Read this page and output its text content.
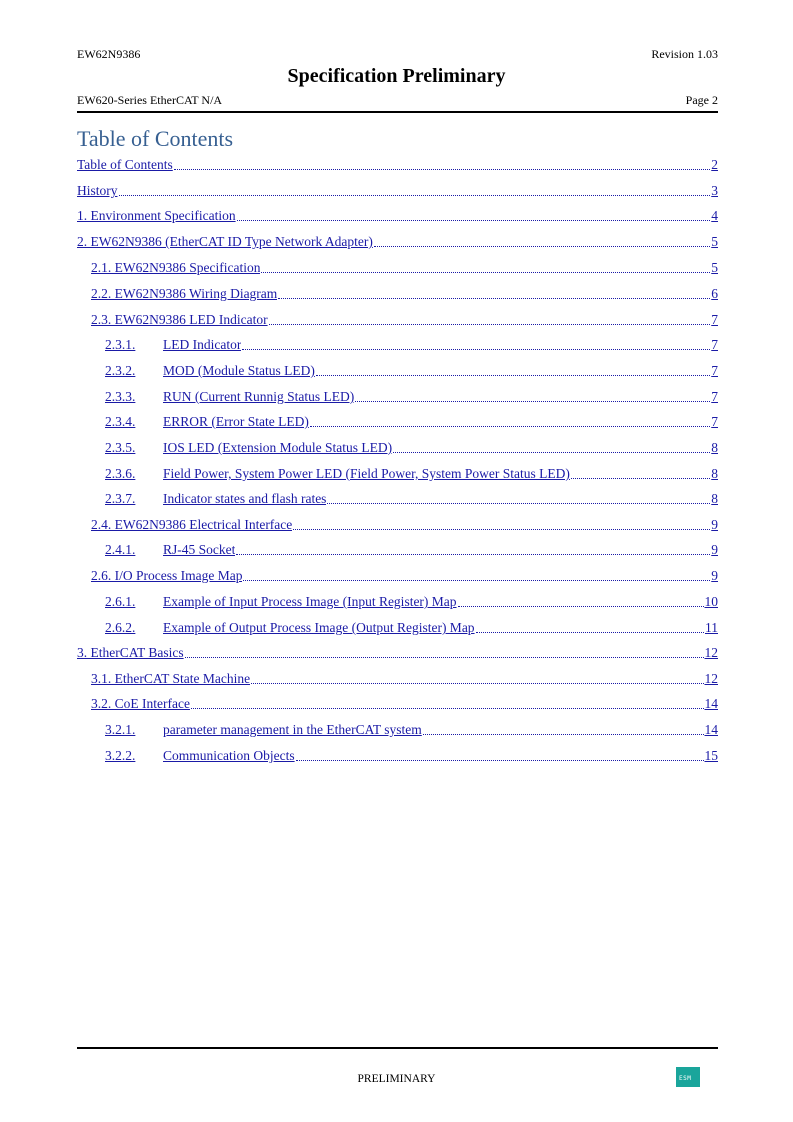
EW62N9386	Revision 1.03
Specification Preliminary
EW620-Series EtherCAT N/A	Page 2
Table of Contents
Table of Contents	2
History	3
1. Environment Specification	4
2. EW62N9386 (EtherCAT ID Type Network Adapter)	5
2.1. EW62N9386 Specification	5
2.2. EW62N9386 Wiring Diagram	6
2.3. EW62N9386 LED Indicator	7
2.3.1.	LED Indicator	7
2.3.2.	MOD (Module Status LED)	7
2.3.3.	RUN (Current Runnig Status LED)	7
2.3.4.	ERROR (Error State LED)	7
2.3.5.	IOS LED (Extension Module Status LED)	8
2.3.6.	Field Power, System Power LED (Field Power, System Power Status LED)	8
2.3.7.	Indicator states and flash rates	8
2.4. EW62N9386 Electrical Interface	9
2.4.1.	RJ-45 Socket	9
2.6. I/O Process Image Map	9
2.6.1.	Example of Input Process Image (Input Register) Map	10
2.6.2.	Example of Output Process Image (Output Register) Map	11
3. EtherCAT Basics	12
3.1. EtherCAT State Machine	12
3.2. CoE Interface	14
3.2.1.	parameter management in the EtherCAT system	14
3.2.2.	Communication Objects	15
PRELIMINARY	ESM
